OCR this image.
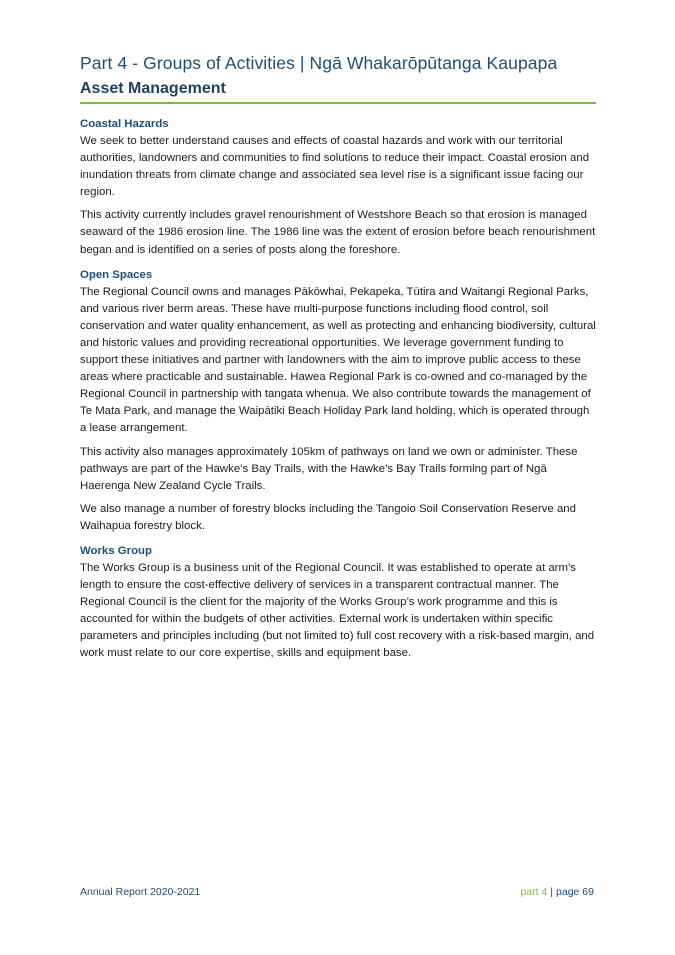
Part 4 - Groups of Activities | Ngā Whakarōpūtanga Kaupapa
Asset Management
Coastal Hazards

We seek to better understand causes and effects of coastal hazards and work with our territorial authorities, landowners and communities to find solutions to reduce their impact. Coastal erosion and inundation threats from climate change and associated sea level rise is a significant issue facing our region.

This activity currently includes gravel renourishment of Westshore Beach so that erosion is managed seaward of the 1986 erosion line. The 1986 line was the extent of erosion before beach renourishment began and is identified on a series of posts along the foreshore.

Open Spaces

The Regional Council owns and manages Pākōwhai, Pekapeka, Tūtira and Waitangi Regional Parks, and various river berm areas. These have multi-purpose functions including flood control, soil conservation and water quality enhancement, as well as protecting and enhancing biodiversity, cultural and historic values and providing recreational opportunities. We leverage government funding to support these initiatives and partner with landowners with the aim to improve public access to these areas where practicable and sustainable. Hawea Regional Park is co-owned and co-managed by the Regional Council in partnership with tangata whenua. We also contribute towards the management of Te Mata Park, and manage the Waipātiki Beach Holiday Park land holding, which is operated through a lease arrangement.

This activity also manages approximately 105km of pathways on land we own or administer. These pathways are part of the Hawke’s Bay Trails, with the Hawke’s Bay Trails forming part of Ngā Haerenga New Zealand Cycle Trails.

We also manage a number of forestry blocks including the Tangoio Soil Conservation Reserve and Waihapua forestry block.

Works Group

The Works Group is a business unit of the Regional Council. It was established to operate at arm’s length to ensure the cost-effective delivery of services in a transparent contractual manner. The Regional Council is the client for the majority of the Works Group’s work programme and this is accounted for within the budgets of other activities. External work is undertaken within specific parameters and principles including (but not limited to) full cost recovery with a risk-based margin, and work must relate to our core expertise, skills and equipment base.

Annual Report 2020-2021	part 4 | page 69
